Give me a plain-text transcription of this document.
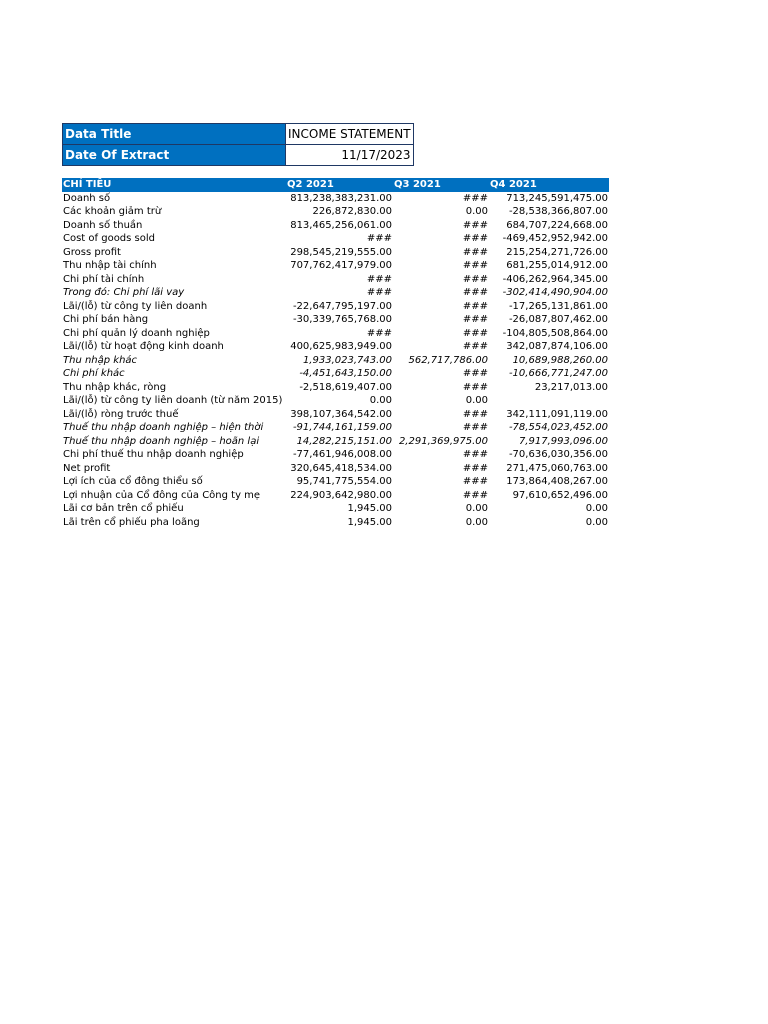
Data Title	INCOME STATEMENT
Date Of Extract	11/17/2023
CHỈ TIÊU	Q2 2021	Q3 2021	Q4 2021
Doanh số	813,238,383,231.00	###	713,245,591,475.00
Các khoản giảm trừ	226,872,830.00	0.00	-28,538,366,807.00
Doanh số thuần	813,465,256,061.00	###	684,707,224,668.00
Cost of goods sold	###	###	-469,452,952,942.00
Gross profit	298,545,219,555.00	###	215,254,271,726.00
Thu nhập tài chính	707,762,417,979.00	###	681,255,014,912.00
Chi phí tài chính	###	###	-406,262,964,345.00
Trong đó: Chi phí lãi vay	###	###	-302,414,490,904.00
Lãi/(lỗ) từ công ty liên doanh	-22,647,795,197.00	###	-17,265,131,861.00
Chi phí bán hàng	-30,339,765,768.00	###	-26,087,807,462.00
Chi phí quản lý doanh nghiệp	###	###	-104,805,508,864.00
Lãi/(lỗ) từ hoạt động kinh doanh	400,625,983,949.00	###	342,087,874,106.00
Thu nhập khác	1,933,023,743.00	562,717,786.00	10,689,988,260.00
Chi phí khác	-4,451,643,150.00	###	-10,666,771,247.00
Thu nhập khác, ròng	-2,518,619,407.00	###	23,217,013.00
Lãi/(lỗ) từ công ty liên doanh (từ năm 2015)	0.00	0.00	
Lãi/(lỗ) ròng trước thuế	398,107,364,542.00	###	342,111,091,119.00
Thuế thu nhập doanh nghiệp – hiện thời	-91,744,161,159.00	###	-78,554,023,452.00
Thuế thu nhập doanh nghiệp – hoãn lại	14,282,215,151.00	2,291,369,975.00	7,917,993,096.00
Chi phí thuế thu nhập doanh nghiệp	-77,461,946,008.00	###	-70,636,030,356.00
Net profit	320,645,418,534.00	###	271,475,060,763.00
Lợi ích của cổ đông thiểu số	95,741,775,554.00	###	173,864,408,267.00
Lợi nhuận của Cổ đông của Công ty mẹ	224,903,642,980.00	###	97,610,652,496.00
Lãi cơ bản trên cổ phiếu	1,945.00	0.00	0.00
Lãi trên cổ phiếu pha loãng	1,945.00	0.00	0.00
